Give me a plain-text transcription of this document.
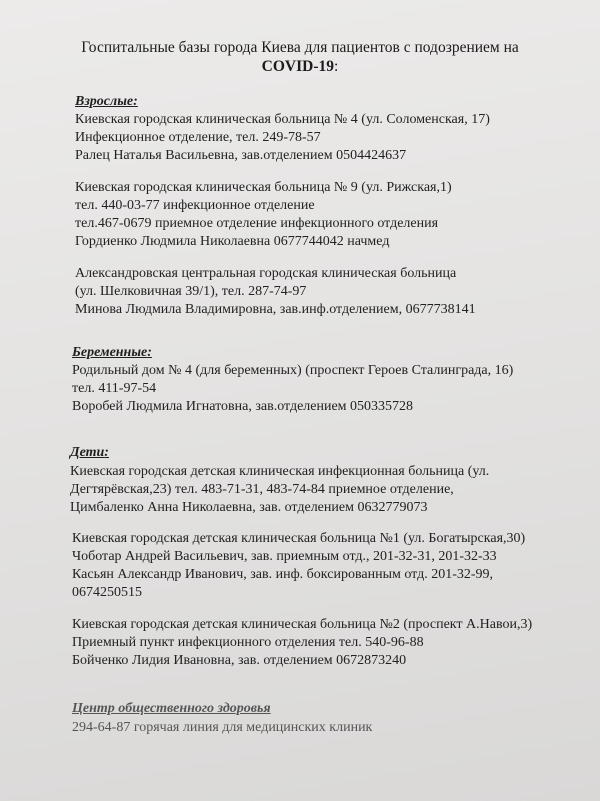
Госпитальные базы города Киева для пациентов с подозрением на
COVID-19:
Взрослые:
Киевская городская клиническая больница № 4 (ул. Соломенская, 17)
Инфекционное отделение, тел. 249-78-57
Ралец Наталья Васильевна, зав.отделением 0504424637
Киевская городская клиническая больница № 9 (ул. Рижская,1)
тел. 440-03-77 инфекционное отделение
тел.467-0679 приемное отделение инфекционного отделения
Гордиенко Людмила Николаевна 0677744042 начмед
Александровская центральная городская клиническая больница
(ул. Шелковичная 39/1), тел. 287-74-97
Минова Людмила Владимировна, зав.инф.отделением, 0677738141
Беременные:
Родильный дом № 4 (для беременных) (проспект Героев Сталинграда, 16)
тел. 411-97-54
Воробей Людмила Игнатовна, зав.отделением 050335728
Дети:
Киевская городская детская клиническая инфекционная больница (ул.
Дегтярёвская,23) тел. 483-71-31, 483-74-84 приемное отделение,
Цимбаленко Анна Николаевна, зав. отделением 0632779073
Киевская городская детская клиническая больница №1 (ул. Богатырская,30)
Чоботар Андрей Васильевич, зав. приемным отд., 201-32-31, 201-32-33
Касьян Александр Иванович, зав. инф. боксированным отд. 201-32-99,
0674250515
Киевская городская детская клиническая больница №2 (проспект А.Навои,3)
Приемный пункт инфекционного отделения тел. 540-96-88
Бойченко Лидия Ивановна, зав. отделением 0672873240
Центр общественного здоровья
294-64-87 горячая линия для медицинских клиник
